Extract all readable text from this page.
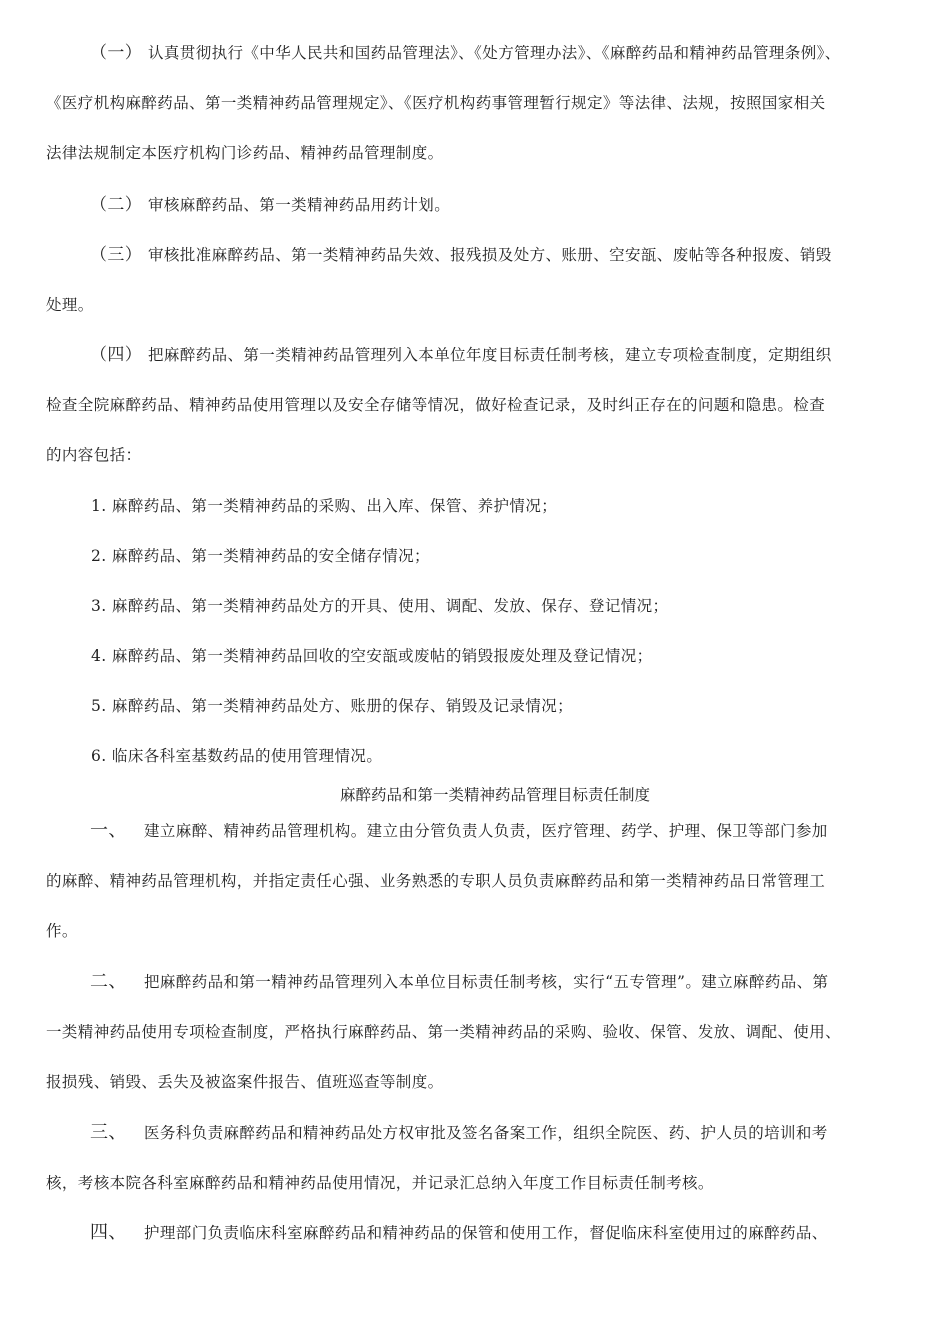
（一） 认真贯彻执行《中华人民共和国药品管理法》、《处方管理办法》、《麻醉药品和精神药品管理条例》、
《医疗机构麻醉药品、第一类精神药品管理规定》、《医疗机构药事管理暂行规定》等法律、法规，按照国家相关
法律法规制定本医疗机构门诊药品、精神药品管理制度。
（二） 审核麻醉药品、第一类精神药品用药计划。
（三） 审核批准麻醉药品、第一类精神药品失效、报残损及处方、账册、空安瓿、废帖等各种报废、销毁
处理。
（四） 把麻醉药品、第一类精神药品管理列入本单位年度目标责任制考核，建立专项检查制度，定期组织
检查全院麻醉药品、精神药品使用管理以及安全存储等情况，做好检查记录，及时纠正存在的问题和隐患。检查
的内容包括：
1. 麻醉药品、第一类精神药品的采购、出入库、保管、养护情况；
2. 麻醉药品、第一类精神药品的安全储存情况；
3. 麻醉药品、第一类精神药品处方的开具、使用、调配、发放、保存、登记情况；
4. 麻醉药品、第一类精神药品回收的空安瓿或废帖的销毁报废处理及登记情况；
5. 麻醉药品、第一类精神药品处方、账册的保存、销毁及记录情况；
6. 临床各科室基数药品的使用管理情况。
麻醉药品和第一类精神药品管理目标责任制度
一、 建立麻醉、精神药品管理机构。建立由分管负责人负责，医疗管理、药学、护理、保卫等部门参加
的麻醉、精神药品管理机构，并指定责任心强、业务熟悉的专职人员负责麻醉药品和第一类精神药品日常管理工
作。
二、 把麻醉药品和第一精神药品管理列入本单位目标责任制考核，实行“五专管理”。建立麻醉药品、第
一类精神药品使用专项检查制度，严格执行麻醉药品、第一类精神药品的采购、验收、保管、发放、调配、使用、
报损残、销毁、丢失及被盗案件报告、值班巡查等制度。
三、 医务科负责麻醉药品和精神药品处方权审批及签名备案工作，组织全院医、药、护人员的培训和考
核，考核本院各科室麻醉药品和精神药品使用情况，并记录汇总纳入年度工作目标责任制考核。
四、 护理部门负责临床科室麻醉药品和精神药品的保管和使用工作，督促临床科室使用过的麻醉药品、
